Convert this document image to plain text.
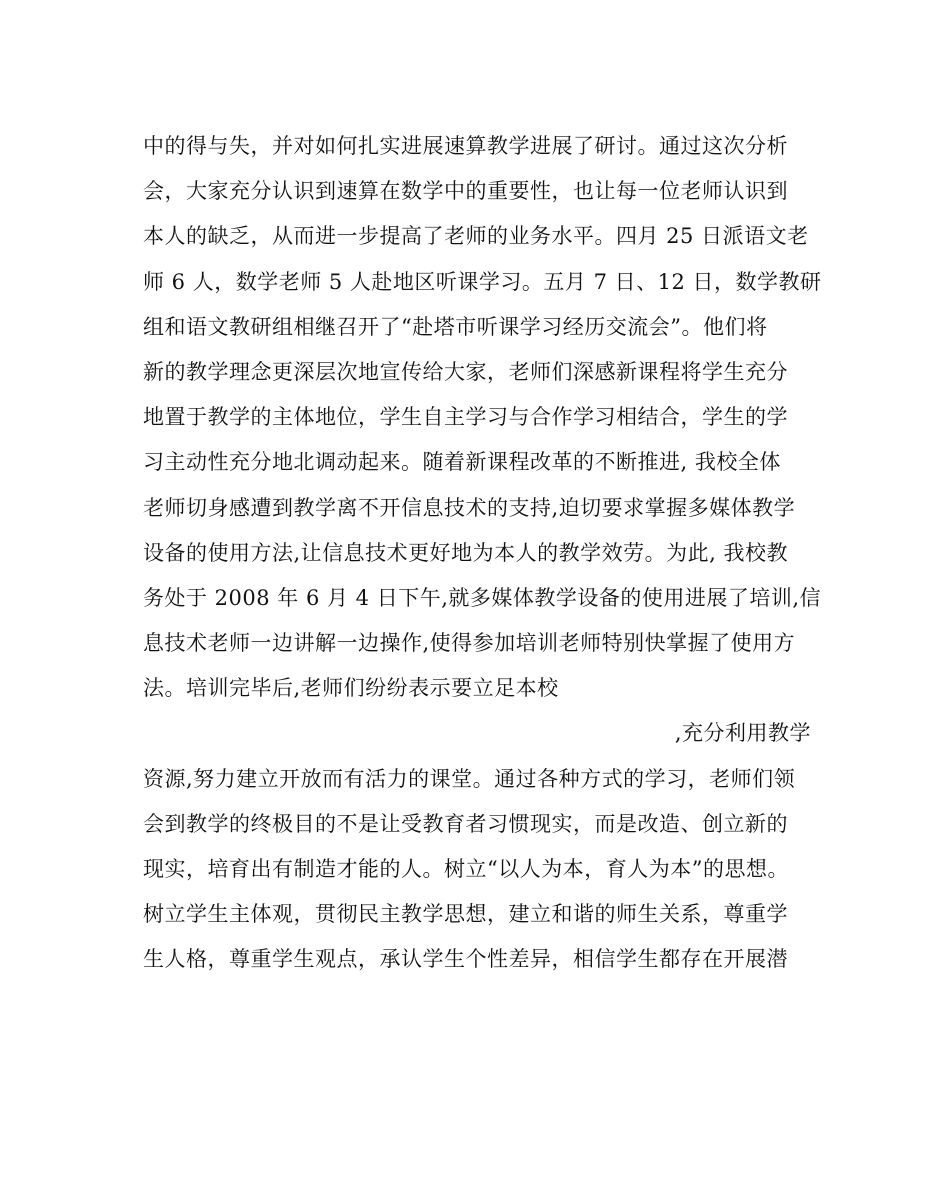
中的得与失，并对如何扎实进展速算教学进展了研讨。通过这次分析
会，大家充分认识到速算在数学中的重要性，也让每一位老师认识到
本人的缺乏，从而进一步提高了老师的业务水平。四月 25 日派语文老
师 6 人，数学老师 5 人赴地区听课学习。五月 7 日、12 日，数学教研
组和语文教研组相继召开了“赴塔市听课学习经历交流会”。他们将
新的教学理念更深层次地宣传给大家，老师们深感新课程将学生充分
地置于教学的主体地位，学生自主学习与合作学习相结合，学生的学
习主动性充分地北调动起来。随着新课程改革的不断推进, 我校全体
老师切身感遭到教学离不开信息技术的支持,迫切要求掌握多媒体教学
设备的使用方法,让信息技术更好地为本人的教学效劳。为此, 我校教
务处于 2008 年 6 月 4 日下午,就多媒体教学设备的使用进展了培训,信
息技术老师一边讲解一边操作,使得参加培训老师特别快掌握了使用方
法。培训完毕后,老师们纷纷表示要立足本校
,充分利用教学
资源,努力建立开放而有活力的课堂。通过各种方式的学习，老师们领
会到教学的终极目的不是让受教育者习惯现实，而是改造、创立新的
现实，培育出有制造才能的人。树立“以人为本，育人为本”的思想。
树立学生主体观，贯彻民主教学思想，建立和谐的师生关系，尊重学
生人格，尊重学生观点，承认学生个性差异，相信学生都存在开展潜
